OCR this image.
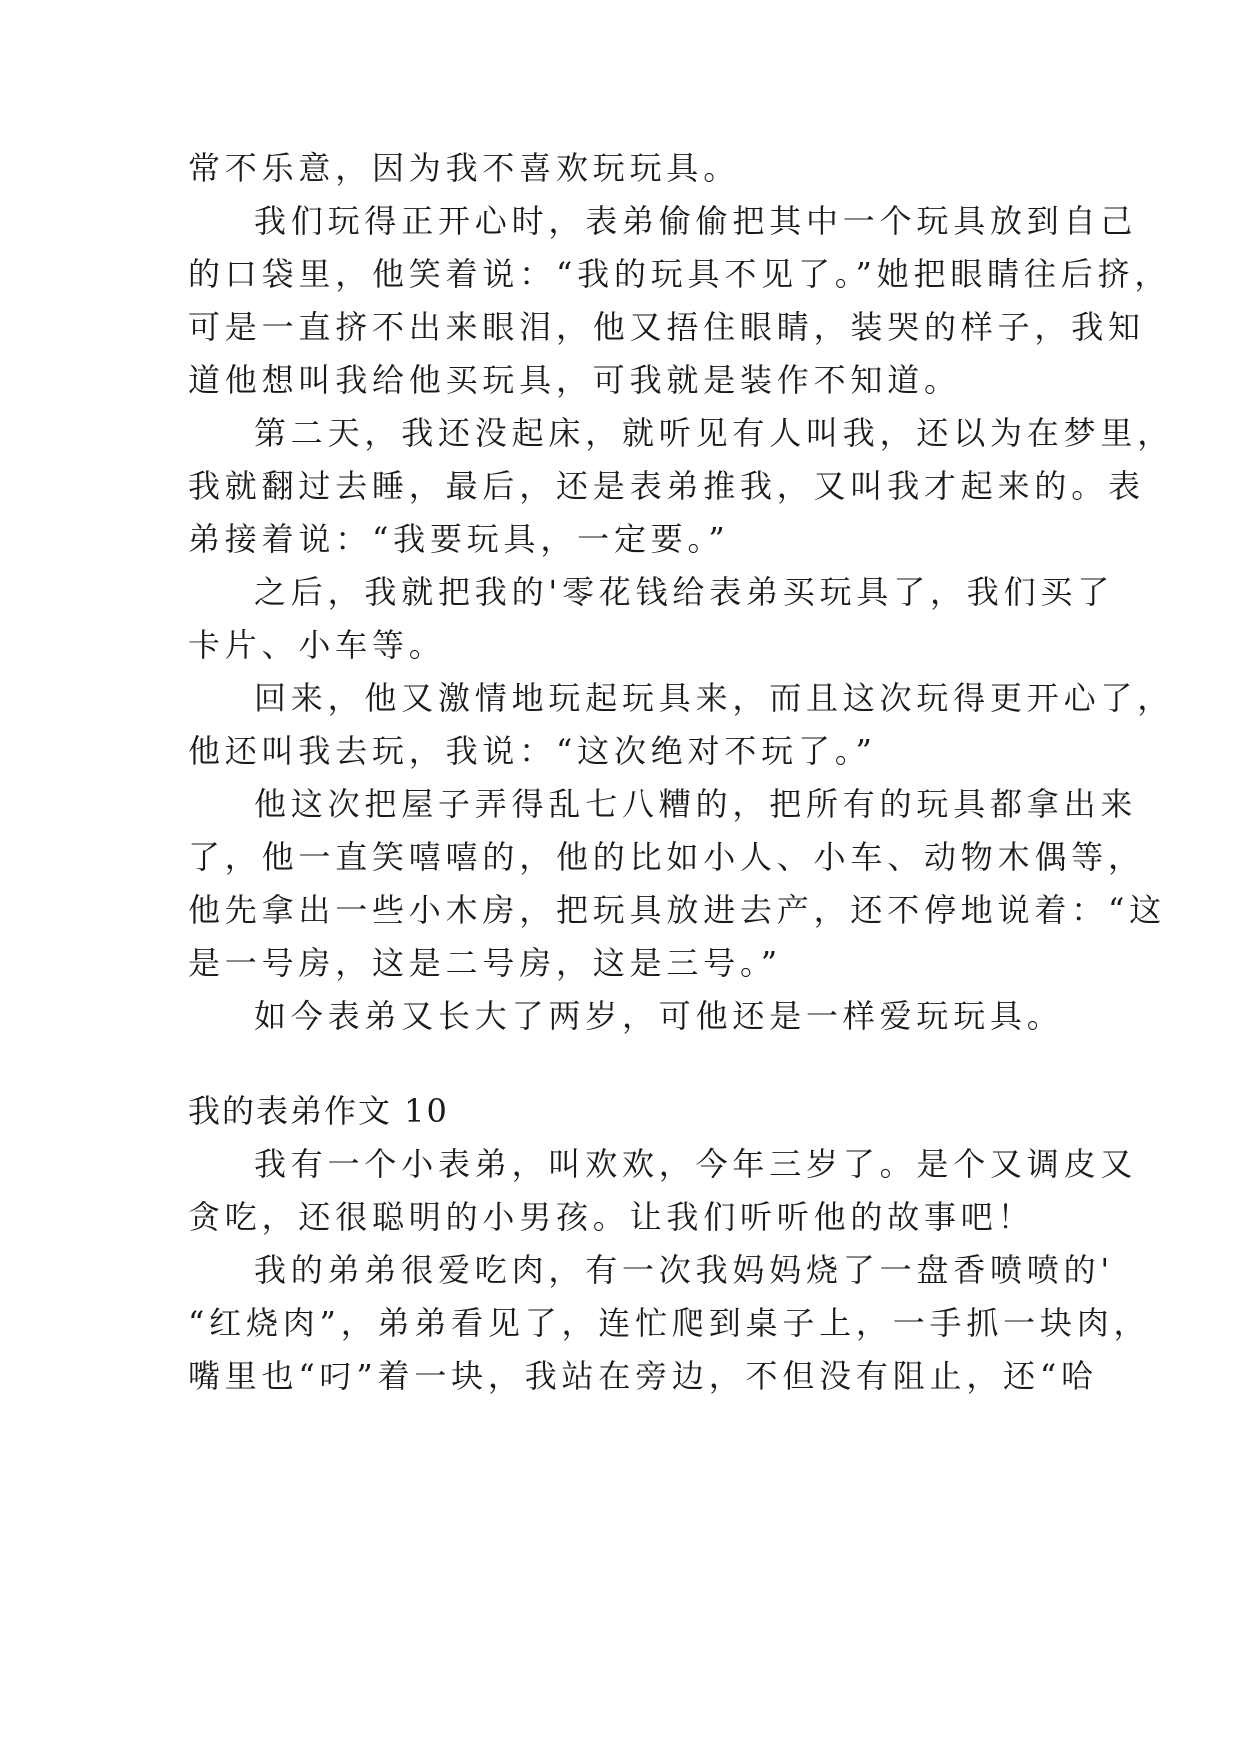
常不乐意，因为我不喜欢玩玩具。
我们玩得正开心时，表弟偷偷把其中一个玩具放到自己
的口袋里，他笑着说：“我的玩具不见了。”她把眼睛往后挤，
可是一直挤不出来眼泪，他又捂住眼睛，装哭的样子，我知
道他想叫我给他买玩具，可我就是装作不知道。
第二天，我还没起床，就听见有人叫我，还以为在梦里，
我就翻过去睡，最后，还是表弟推我，又叫我才起来的。表
弟接着说：“我要玩具，一定要。”
之后，我就把我的'零花钱给表弟买玩具了，我们买了
卡片、小车等。
回来，他又激情地玩起玩具来，而且这次玩得更开心了，
他还叫我去玩，我说：“这次绝对不玩了。”
他这次把屋子弄得乱七八糟的，把所有的玩具都拿出来
了，他一直笑嘻嘻的，他的比如小人、小车、动物木偶等，
他先拿出一些小木房，把玩具放进去产，还不停地说着：“这
是一号房，这是二号房，这是三号。”
如今表弟又长大了两岁，可他还是一样爱玩玩具。
我的表弟作文 10
我有一个小表弟，叫欢欢，今年三岁了。是个又调皮又
贪吃，还很聪明的小男孩。让我们听听他的故事吧！
我的弟弟很爱吃肉，有一次我妈妈烧了一盘香喷喷的'
“红烧肉”，弟弟看见了，连忙爬到桌子上，一手抓一块肉，
嘴里也“叼”着一块，我站在旁边，不但没有阻止，还“哈
